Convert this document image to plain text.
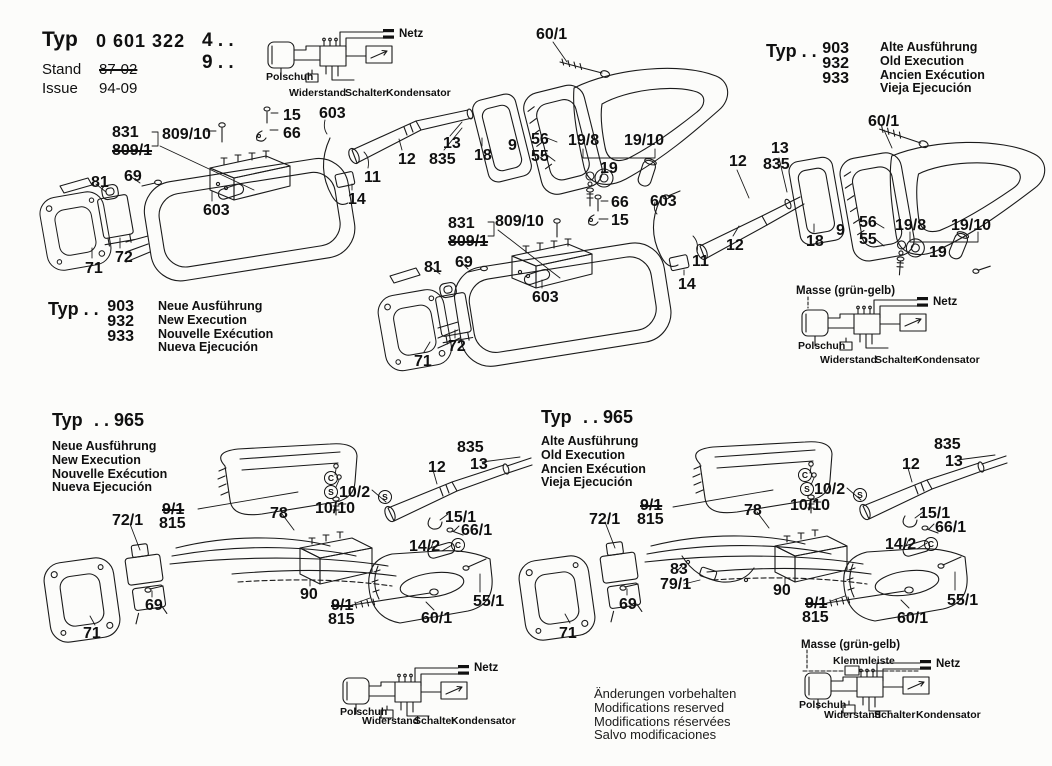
Typ 0 601 322 4 . .
9 . .
Stand 87-02
Issue 94-09
Typ . . 903
932
933
Alte Ausführung
Old Execution
Ancien Exécution
Vieja Ejecución
Typ . . 903
932
933
Neue Ausführung
New Execution
Nouvelle Exécution
Nueva Ejecución
Typ . . 965
Neue Ausführung
New Execution
Nouvelle Exécution
Nueva Ejecución
Typ . . 965
Alte Ausführung
Old Execution
Ancien Exécution
Vieja Ejecución
Netz
Polschuh
Widerstand
Schalter Kondensator
Masse (grün-gelb)
Netz
Polschuh
Widerstand
Schalter
Kondensator
Netz
Polschuh
Widerstand
Schalter
Kondensator
Masse (grün-gelb)
Klemmleiste	Netz
Polschuh
Widerstand
Schalter Kondensator
831
809/1
809/10
15
66
603
603
81 69
71
72
11
14
12
60/1
13
835 18
9 56
55
19/8 19/10
19
60/1
12
13
835
18
9 56
55
19/8 19/10
19
831
809/1
809/10
66
15
603
603
12
11
14
81 69
72
71
12
835
13
C
S 10/2	S
10/10
78	15/1
66/1
14/2	C
9/1
815
72/1
69
71
90
9/1
815	60/1
55/1
12
835
13
C
S 10/2	S
10/10
78	15/1
66/1
14/2	C
9/1
815
72/1
83
79/1
69
71
90
9/1
815	60/1
55/1
Änderungen vorbehalten
Modifications reserved
Modifications réservées
Salvo modificaciones
